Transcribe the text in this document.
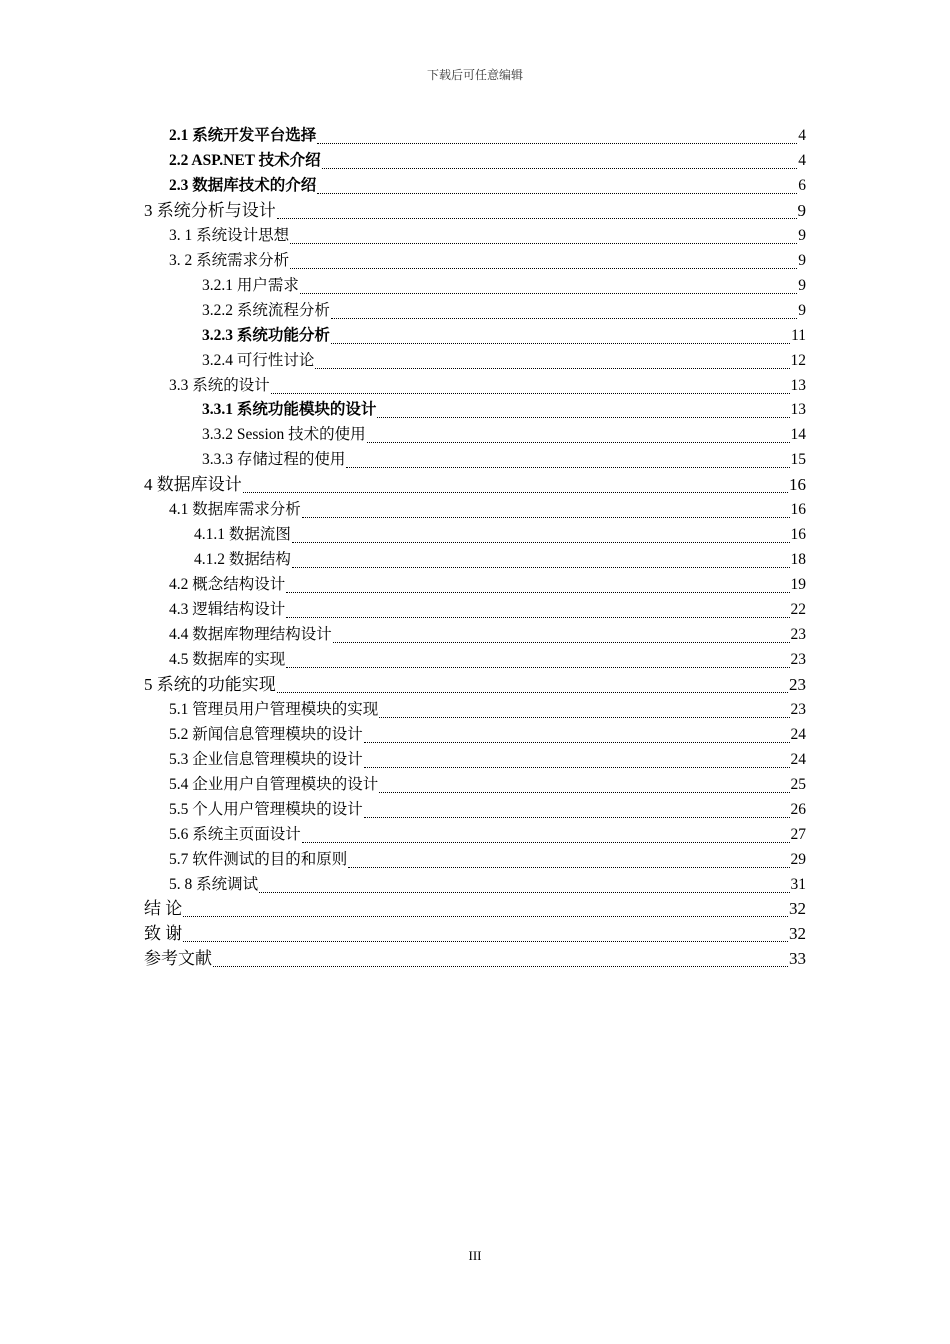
下载后可任意编辑
2.1 系统开发平台选择	4
2.2 ASP.NET 技术介绍	4
2.3 数据库技术的介绍	6
3 系统分析与设计	9
3. 1 系统设计思想	9
3. 2 系统需求分析	9
3.2.1 用户需求	9
3.2.2 系统流程分析	9
3.2.3 系统功能分析	11
3.2.4 可行性讨论	12
3.3 系统的设计	13
3.3.1 系统功能模块的设计	13
3.3.2 Session 技术的使用	14
3.3.3 存储过程的使用	15
4 数据库设计	16
4.1 数据库需求分析	16
4.1.1 数据流图	16
4.1.2 数据结构	18
4.2 概念结构设计	19
4.3 逻辑结构设计	22
4.4 数据库物理结构设计	23
4.5 数据库的实现	23
5 系统的功能实现	23
5.1 管理员用户管理模块的实现	23
5.2 新闻信息管理模块的设计	24
5.3 企业信息管理模块的设计	24
5.4 企业用户自管理模块的设计	25
5.5 个人用户管理模块的设计	26
5.6 系统主页面设计	27
5.7 软件测试的目的和原则	29
5. 8 系统调试	31
结 论	32
致 谢	32
参考文献	33
III
